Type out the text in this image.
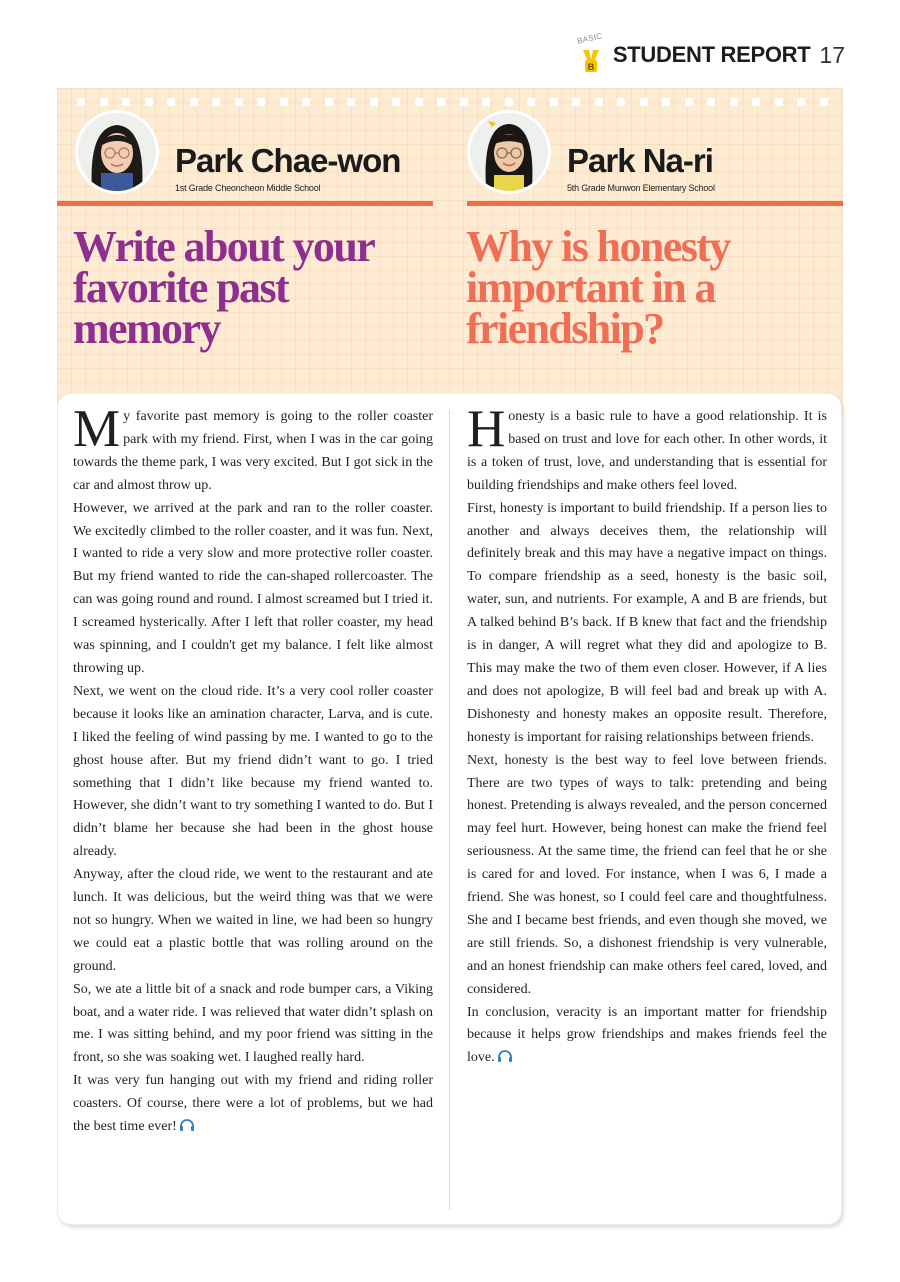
BASIC
B STUDENT REPORT 17
Park Chae-won
1st Grade Cheoncheon Middle School
Park Na-ri
5th Grade Munwon Elementary School
Write about your favorite past memory
Why is honesty important in a friendship?

My favorite past memory is going to the roller coaster park with my friend. First, when I was in the car going towards the theme park, I was very excited. But I got sick in the car and almost throw up.

However, we arrived at the park and ran to the roller coaster. We excitedly climbed to the roller coaster, and it was fun. Next, I wanted to ride a very slow and more protective roller coaster. But my friend wanted to ride the can-shaped rollercoaster. The can was going round and round. I almost screamed but I tried it. I screamed hysterically. After I left that roller coaster, my head was spinning, and I couldn't get my balance. I felt like almost throwing up.

Next, we went on the cloud ride. It’s a very cool roller coaster because it looks like an amination character, Larva, and is cute. I liked the feeling of wind passing by me. I wanted to go to the ghost house after. But my friend didn’t want to go. I tried something that I didn’t like because my friend wanted to. However, she didn’t want to try something I wanted to do. But I didn’t blame her because she had been in the ghost house already.

Anyway, after the cloud ride, we went to the restaurant and ate lunch. It was delicious, but the weird thing was that we were not so hungry. When we waited in line, we had been so hungry we could eat a plastic bottle that was rolling around on the ground.

So, we ate a little bit of a snack and rode bumper cars, a Viking boat, and a water ride. I was relieved that water didn’t splash on me. I was sitting behind, and my poor friend was sitting in the front, so she was soaking wet. I laughed really hard.

It was very fun hanging out with my friend and riding roller coasters. Of course, there were a lot of problems, but we had the best time ever!

Honesty is a basic rule to have a good relationship. It is based on trust and love for each other. In other words, it is a token of trust, love, and understanding that is essential for building friendships and make others feel loved.

First, honesty is important to build friendship. If a person lies to another and always deceives them, the relationship will definitely break and this may have a negative impact on things. To compare friendship as a seed, honesty is the basic soil, water, sun, and nutrients. For example, A and B are friends, but A talked behind B’s back. If B knew that fact and the friendship is in danger, A will regret what they did and apologize to B. This may make the two of them even closer. However, if A lies and does not apologize, B will feel bad and break up with A. Dishonesty and honesty makes an opposite result. Therefore, honesty is important for raising relationships between friends.

Next, honesty is the best way to feel love between friends. There are two types of ways to talk: pretending and being honest. Pretending is always revealed, and the person concerned may feel hurt. However, being honest can make the friend feel seriousness. At the same time, the friend can feel that he or she is cared for and loved. For instance, when I was 6, I made a friend. She was honest, so I could feel care and thoughtfulness. She and I became best friends, and even though she moved, we are still friends. So, a dishonest friendship is very vulnerable, and an honest friendship can make others feel cared, loved, and considered.

In conclusion, veracity is an important matter for friendship because it helps grow friendships and makes friends feel the love.
